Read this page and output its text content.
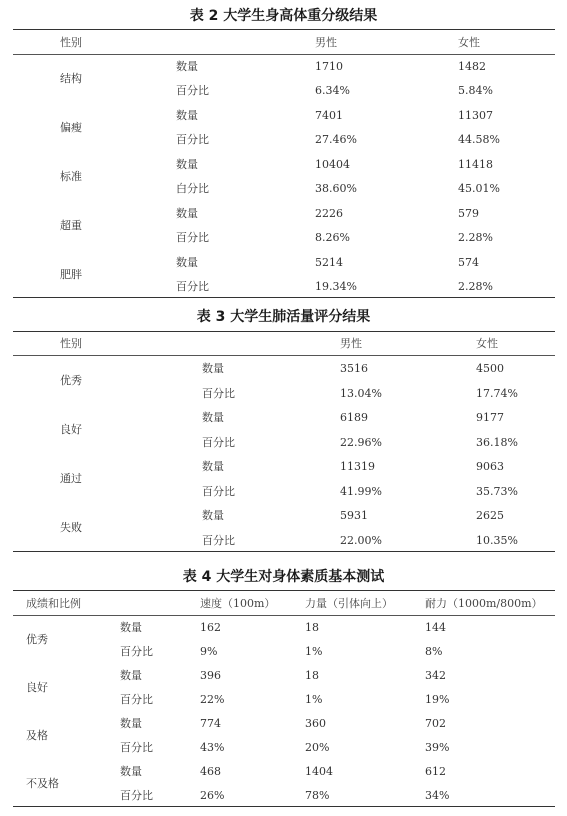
表 2 大学生身高体重分级结果
性别	男性	女性
结构
数量	1710	1482
百分比	6.34%	5.84%
偏瘦
数量	7401	11307
百分比	27.46%	44.58%
标准
数量	10404	11418
白分比	38.60%	45.01%
超重
数量	2226	579
百分比	8.26%	2.28%
肥胖
数量	5214	574
百分比	19.34%	2.28%
表 3 大学生肺活量评分结果
性别	男性	女性
优秀
数量	3516	4500
百分比	13.04%	17.74%
良好
数量	6189	9177
百分比	22.96%	36.18%
通过
数量	11319	9063
百分比	41.99%	35.73%
失败
数量	5931	2625
百分比	22.00%	10.35%
表 4 大学生对身体素质基本测试
成绩和比例	速度（100m）	力量（引体向上）	耐力（1000m/800m）
优秀
数量	162	18	144
百分比	9%	1%	8%
良好
数量	396	18	342
百分比	22%	1%	19%
及格
数量	774	360	702
百分比	43%	20%	39%
不及格
数量	468	1404	612
百分比	26%	78%	34%
